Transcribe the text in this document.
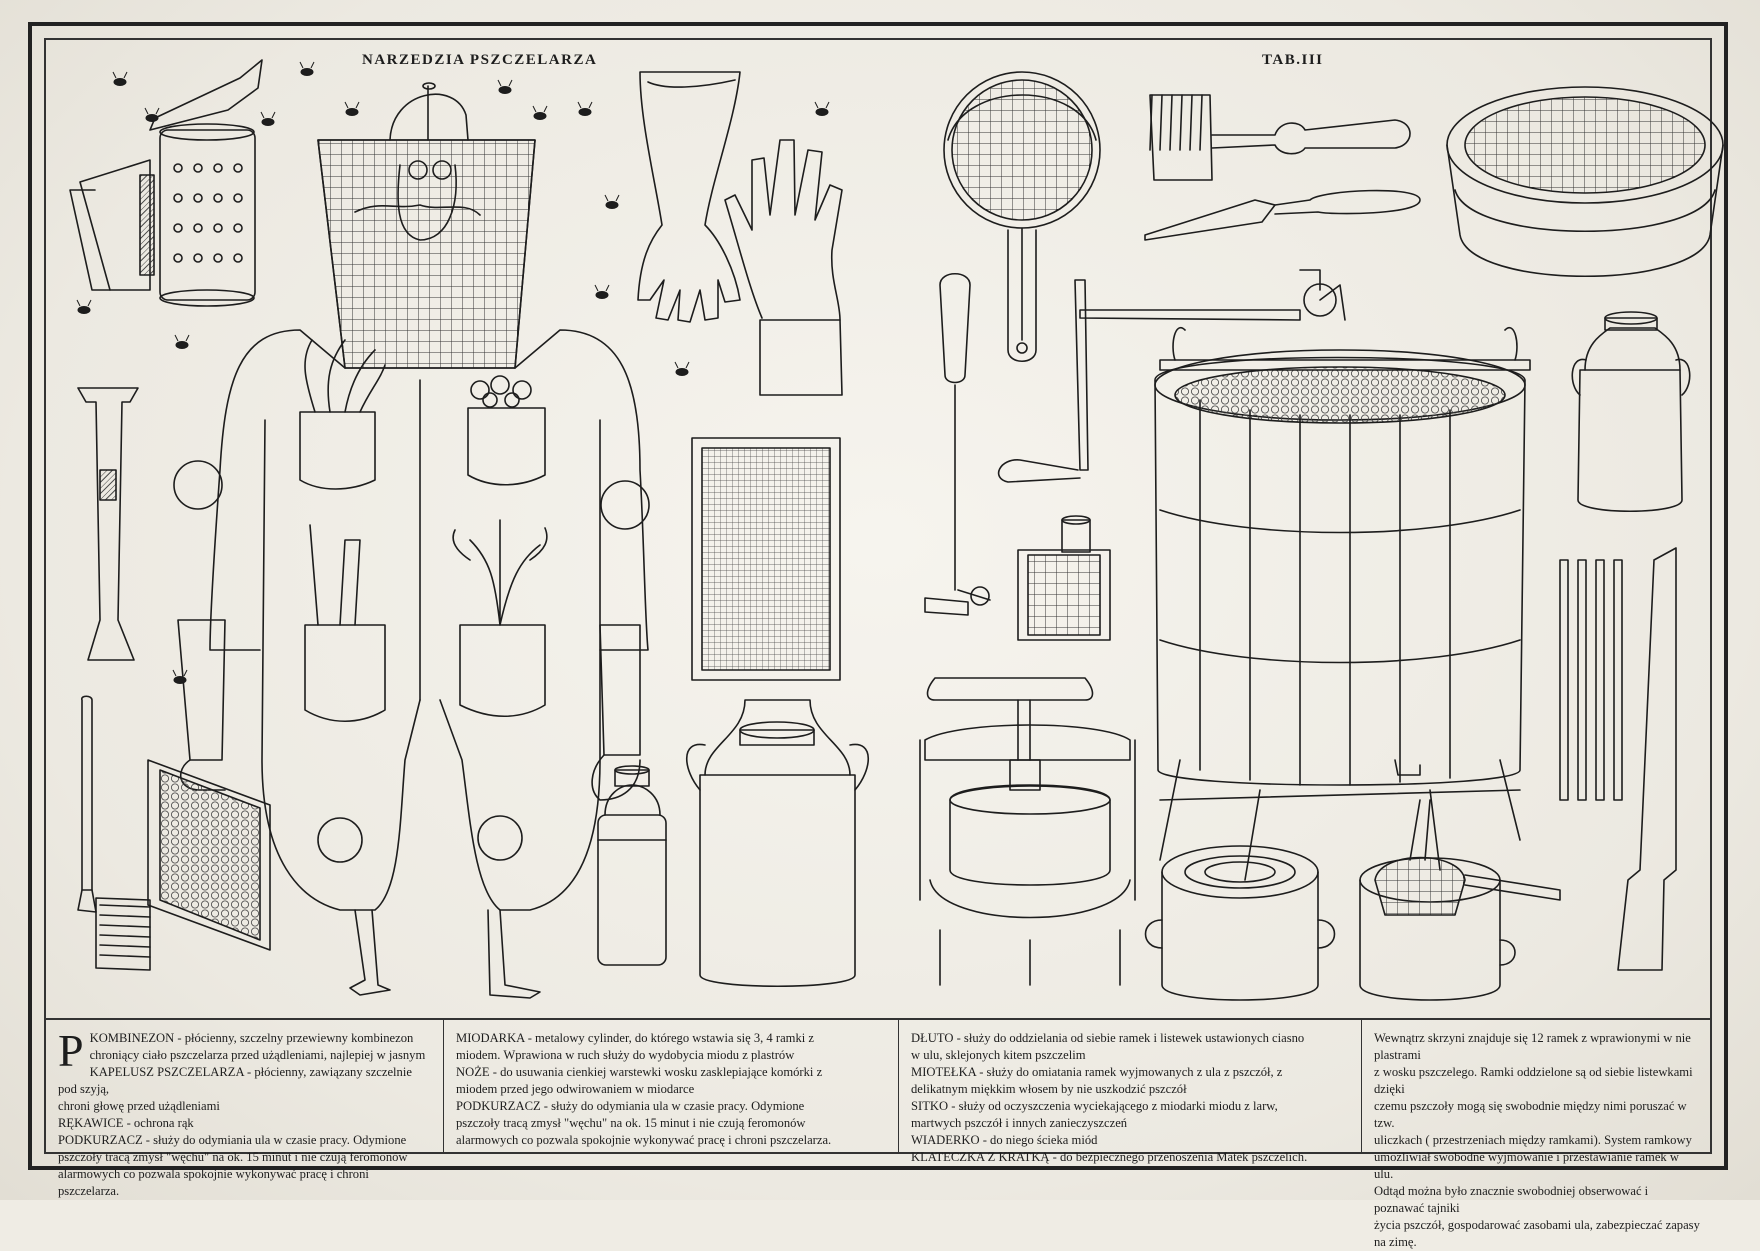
NARZEDZIA PSZCZELARZA	TAB.III
P KOMBINEZON - płócienny, szczelny przewiewny kombinezon

chroniący ciało pszczelarza przed użądleniami, najlepiej w jasnym

KAPELUSZ PSZCZELARZA - płócienny, zawiązany szczelnie pod szyją,

chroni głowę przed użądleniami

RĘKAWICE - ochrona rąk

PODKURZACZ - służy do odymiania ula w czasie pracy. Odymione

pszczoły tracą zmysł "węchu" na ok. 15 minut i nie czują feromonów

alarmowych co pozwala spokojnie wykonywać pracę i chroni pszczelarza.

MIODARKA - metalowy cylinder, do którego wstawia się 3, 4 ramki z

miodem. Wprawiona w ruch służy do wydobycia miodu z plastrów

NOŻE - do usuwania cienkiej warstewki wosku zasklepiające komórki z

miodem przed jego odwirowaniem w miodarce

PODKURZACZ - służy do odymiania ula w czasie pracy. Odymione

pszczoły tracą zmysł "węchu" na ok. 15 minut i nie czują feromonów

alarmowych co pozwala spokojnie wykonywać pracę i chroni pszczelarza.

DŁUTO - służy do oddzielania od siebie ramek i listewek ustawionych ciasno

w ulu, sklejonych kitem pszczelim

MIOTEŁKA - służy do omiatania ramek wyjmowanych z ula z pszczół, z

delikatnym miękkim włosem by nie uszkodzić pszczół

SITKO - służy od oczyszczenia wyciekającego z miodarki miodu z larw,

martwych pszczół i innych zanieczyszczeń

WIADERKO - do niego ścieka miód

KLATECZKA Z KRATKĄ - do bezpiecznego przenoszenia Matek pszczelich.

Wewnątrz skrzyni znajduje się 12 ramek z wprawionymi w nie plastrami

z wosku pszczelego. Ramki oddzielone są od siebie listewkami dzięki

czemu pszczoły mogą się swobodnie między nimi poruszać w tzw.

uliczkach ( przestrzeniach między ramkami). System ramkowy

umożliwiał swobodne wyjmowanie i przestawianie ramek w ulu.

Odtąd można było znacznie swobodniej obserwować i poznawać tajniki

życia pszczół, gospodarować zasobami ula, zabezpieczać zapasy na zimę.
